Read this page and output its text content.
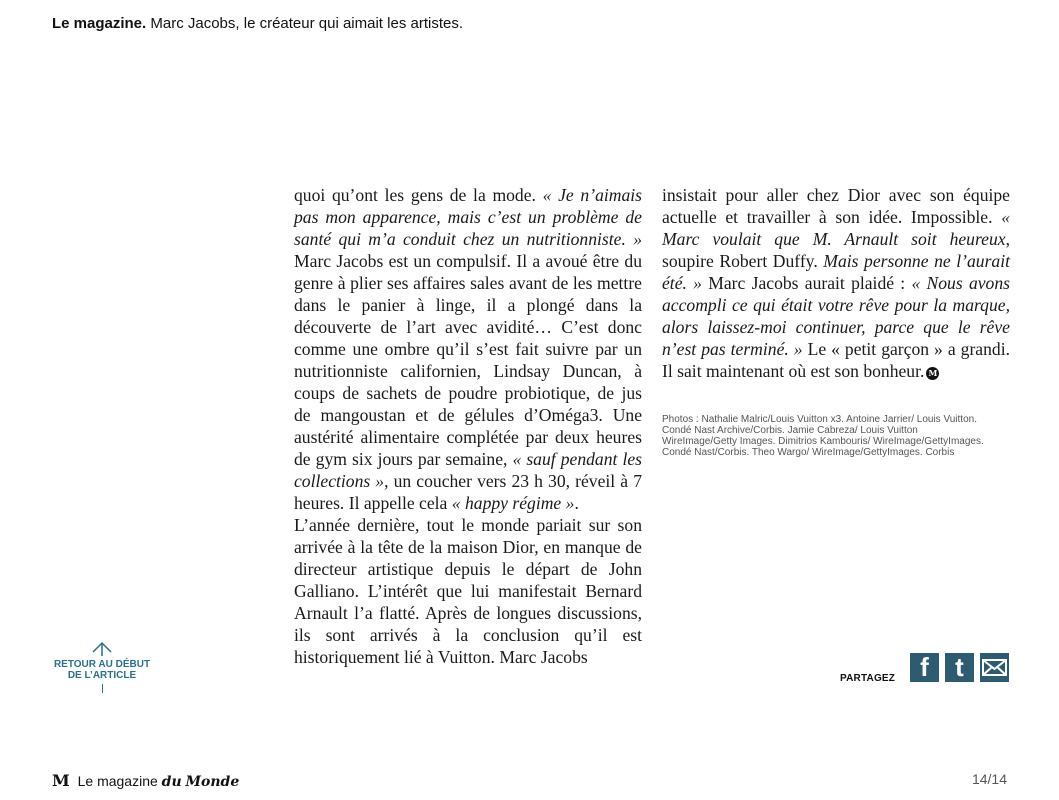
Le magazine. Marc Jacobs, le créateur qui aimait les artistes.

quoi qu’ont les gens de la mode. « Je n’aimais pas mon apparence, mais c’est un problème de santé qui m’a conduit chez un nutritionniste. » Marc Jacobs est un compulsif. Il a avoué être du genre à plier ses affaires sales avant de les mettre dans le panier à linge, il a plongé dans la découverte de l’art avec avidité… C’est donc comme une ombre qu’il s’est fait suivre par un nutritionniste californien, Lindsay Duncan, à coups de sachets de poudre probiotique, de jus de mangoustan et de gélules d’Oméga3. Une austérité alimentaire complétée par deux heures de gym six jours par semaine, « sauf pendant les collections », un coucher vers 23 h 30, réveil à 7 heures. Il appelle cela « happy régime ».

L’année dernière, tout le monde pariait sur son arrivée à la tête de la maison Dior, en manque de directeur artistique depuis le départ de John Galliano. L’intérêt que lui manifestait Bernard Arnault l’a flatté. Après de longues discussions, ils sont arrivés à la conclusion qu’il est historiquement lié à Vuitton. Marc Jacobs

insistait pour aller chez Dior avec son équipe actuelle et travailler à son idée. Impossible. « Marc voulait que M. Arnault soit heureux, soupire Robert Duffy. Mais personne ne l’aurait été. » Marc Jacobs aurait plaidé : « Nous avons accompli ce qui était votre rêve pour la marque, alors laissez-moi continuer, parce que le rêve n’est pas terminé. » Le « petit garçon » a grandi. Il sait maintenant où est son bonheur. M

Photos : Nathalie Malric/Louis Vuitton x3. Antoine Jarrier/ Louis Vuitton. Condé Nast Archive/Corbis. Jamie Cabreza/ Louis Vuitton WireImage/Getty Images. Dimitrios Kambouris/ WireImage/GettyImages. Condé Nast/Corbis. Theo Wargo/ WireImage/GettyImages. Corbis
RETOUR AU DÉBUT
DE L’ARTICLE	PARTAGEZ f t
M Le magazine du Monde	14/14
